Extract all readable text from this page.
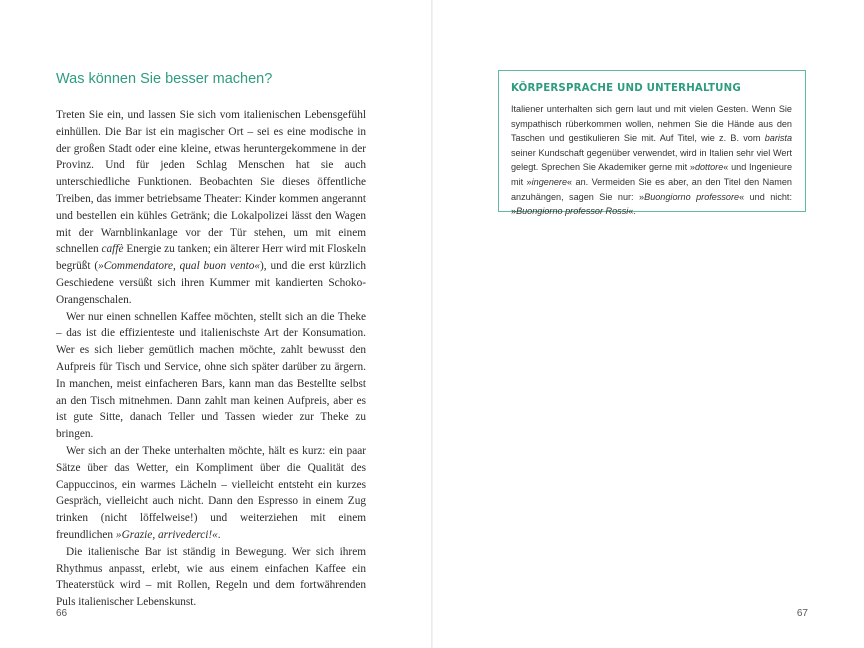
Was können Sie besser machen?

Treten Sie ein, und lassen Sie sich vom italienischen Lebensgefühl einhüllen. Die Bar ist ein magischer Ort – sei es eine modische in der großen Stadt oder eine kleine, etwas heruntergekommene in der Provinz. Und für jeden Schlag Menschen hat sie auch unterschiedliche Funktionen. Beobachten Sie dieses öffentliche Treiben, das immer betriebsame Theater: Kinder kommen angerannt und bestellen ein kühles Getränk; die Lokalpolizei lässt den Wagen mit der Warnblinkanlage vor der Tür stehen, um mit einem schnellen caffè Energie zu tanken; ein älterer Herr wird mit Floskeln begrüßt (»Commendatore, qual buon vento«), und die erst kürzlich Geschiedene versüßt sich ihren Kummer mit kandierten Schoko-Orangenschalen.

Wer nur einen schnellen Kaffee möchten, stellt sich an die Theke – das ist die effizienteste und italienischste Art der Konsumation. Wer es sich lieber gemütlich machen möchte, zahlt bewusst den Aufpreis für Tisch und Service, ohne sich später darüber zu ärgern. In manchen, meist einfacheren Bars, kann man das Bestellte selbst an den Tisch mitnehmen. Dann zahlt man keinen Aufpreis, aber es ist gute Sitte, danach Teller und Tassen wieder zur Theke zu bringen.

Wer sich an der Theke unterhalten möchte, hält es kurz: ein paar Sätze über das Wetter, ein Kompliment über die Qualität des Cappuccinos, ein warmes Lächeln – vielleicht entsteht ein kurzes Gespräch, vielleicht auch nicht. Dann den Espresso in einem Zug trinken (nicht löffelweise!) und weiterziehen mit einem freundlichen »Grazie, arrivederci!«.

Die italienische Bar ist ständig in Bewegung. Wer sich ihrem Rhythmus anpasst, erlebt, wie aus einem einfachen Kaffee ein Theaterstück wird – mit Rollen, Regeln und dem fortwährenden Puls italienischer Lebenskunst.

66
KÖRPERSPRACHE UND UNTERHALTUNG

Italiener unterhalten sich gern laut und mit vielen Gesten. Wenn Sie sympathisch rüberkommen wollen, nehmen Sie die Hände aus den Taschen und gestikulieren Sie mit. Auf Titel, wie z. B. vom barista seiner Kundschaft gegenüber verwendet, wird in Italien sehr viel Wert gelegt. Sprechen Sie Akademiker gerne mit »dottore« und Ingenieure mit »ingenere« an. Vermeiden Sie es aber, an den Titel den Namen anzuhängen, sagen Sie nur: »Buongiorno professore« und nicht: »Buongiorno professor Rossi«.

67
